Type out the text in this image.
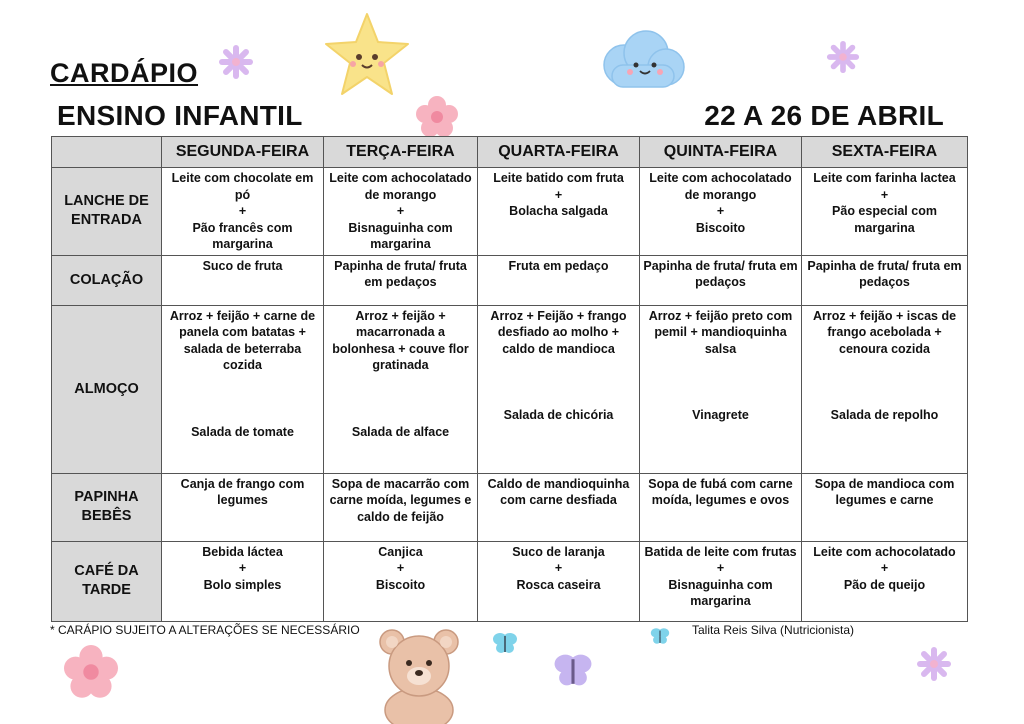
CARDÁPIO
ENSINO INFANTIL	22 A 26 DE ABRIL
	SEGUNDA-FEIRA	TERÇA-FEIRA	QUARTA-FEIRA	QUINTA-FEIRA	SEXTA-FEIRA

LANCHE DE
ENTRADA	Leite com chocolate em
pó
+
Pão francês com
margarina	Leite com achocolatado
de morango
+
Bisnaguinha com
margarina	Leite batido com fruta
+
Bolacha salgada	Leite com achocolatado
de morango
+
Biscoito	Leite com farinha lactea
+
Pão especial com
margarina

COLAÇÃO	Suco de fruta	Papinha de fruta/ fruta
em pedaços	Fruta em pedaço	Papinha de fruta/ fruta em
pedaços	Papinha de fruta/ fruta em
pedaços

ALMOÇO	Arroz + feijão + carne de
panela com batatas +
salada de beterraba
cozida
Salada de tomate	Arroz + feijão +
macarronada a
bolonhesa + couve flor
gratinada
Salada de alface	Arroz + Feijão + frango
desfiado ao molho +
caldo de mandioca
Salada de chicória	Arroz + feijão preto com
pemil + mandioquinha
salsa
Vinagrete	Arroz + feijão + iscas de
frango acebolada +
cenoura cozida
Salada de repolho

PAPINHA
BEBÊS	Canja de frango com
legumes	Sopa de macarrão com
carne moída, legumes e
caldo de feijão	Caldo de mandioquinha
com carne desfiada	Sopa de fubá com carne
moída, legumes e ovos	Sopa de mandioca com
legumes e carne

CAFÉ DA
TARDE	Bebida láctea
+
Bolo simples	Canjica
+
Biscoito	Suco de laranja
+
Rosca caseira	Batida de leite com frutas
+
Bisnaguinha com
margarina	Leite com achocolatado
+
Pão de queijo
* CARÁPIO SUJEITO A ALTERAÇÕES SE NECESSÁRIO	Talita Reis Silva (Nutricionista)
